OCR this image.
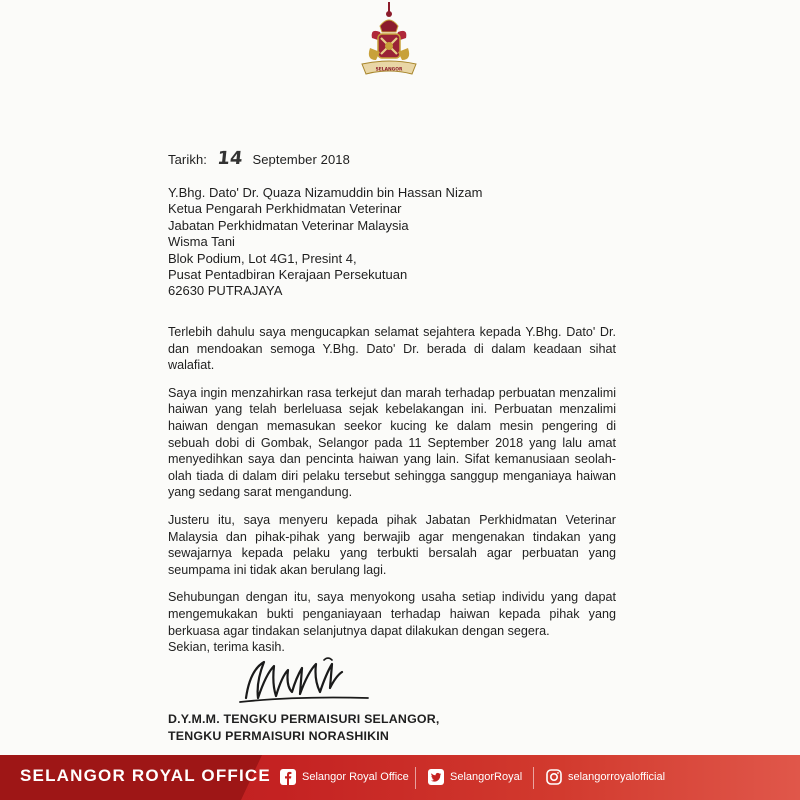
SELANGOR
Tarikh: 14 September 2018
Y.Bhg. Dato' Dr. Quaza Nizamuddin bin Hassan Nizam
Ketua Pengarah Perkhidmatan Veterinar
Jabatan Perkhidmatan Veterinar Malaysia
Wisma Tani
Blok Podium, Lot 4G1, Presint 4,
Pusat Pentadbiran Kerajaan Persekutuan
62630 PUTRAJAYA

Terlebih dahulu saya mengucapkan selamat sejahtera kepada Y.Bhg. Dato' Dr. dan mendoakan semoga Y.Bhg. Dato' Dr. berada di dalam keadaan sihat walafiat.

Saya ingin menzahirkan rasa terkejut dan marah terhadap perbuatan menzalimi haiwan yang telah berleluasa sejak kebelakangan ini. Perbuatan menzalimi haiwan dengan memasukan seekor kucing ke dalam mesin pengering di sebuah dobi di Gombak, Selangor pada 11 September 2018 yang lalu amat menyedihkan saya dan pencinta haiwan yang lain. Sifat kemanusiaan seolah-olah tiada di dalam diri pelaku tersebut sehingga sanggup menganiaya haiwan yang sedang sarat mengandung.

Justeru itu, saya menyeru kepada pihak Jabatan Perkhidmatan Veterinar Malaysia dan pihak-pihak yang berwajib agar mengenakan tindakan yang sewajarnya kepada pelaku yang terbukti bersalah agar perbuatan yang seumpama ini tidak akan berulang lagi.

Sehubungan dengan itu, saya menyokong usaha setiap individu yang dapat mengemukakan bukti penganiayaan terhadap haiwan kepada pihak yang berkuasa agar tindakan selanjutnya dapat dilakukan dengan segera.

Sekian, terima kasih.
D.Y.M.M. TENGKU PERMAISURI SELANGOR,
TENGKU PERMAISURI NORASHIKIN
SELANGOR ROYAL OFFICE	Selangor Royal Office	SelangorRoyal	selangorroyalofficial
